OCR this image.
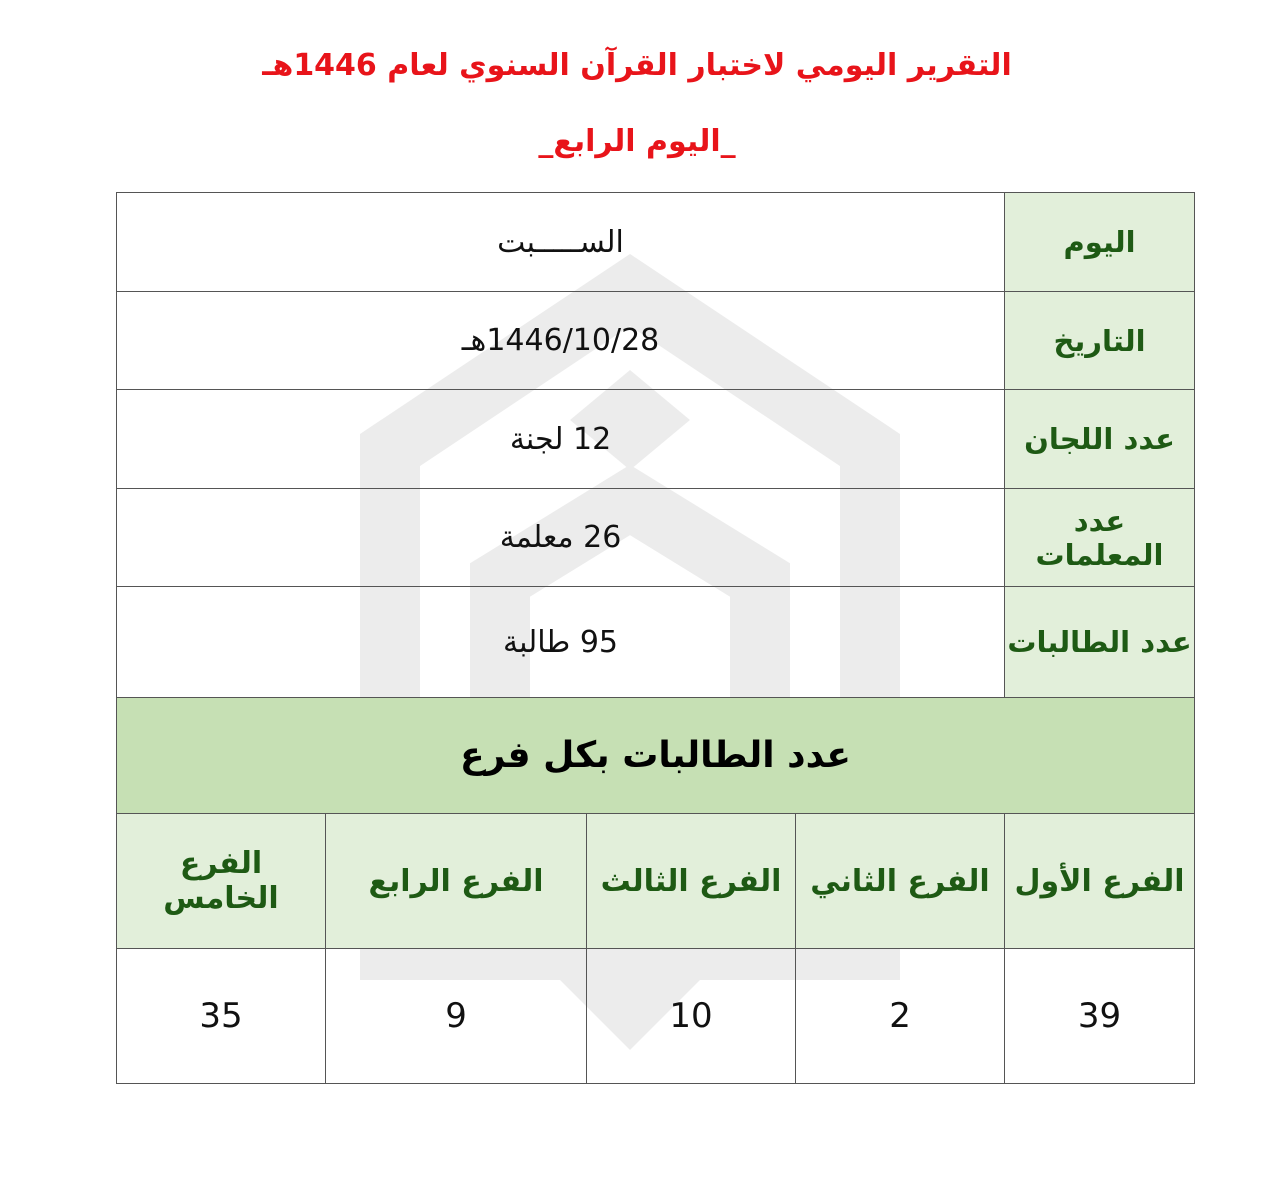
التقرير اليومي لاختبار القرآن السنوي لعام 1446هـ
_اليوم الرابع_
اليوم	الســـــبت			
التاريخ	1446/10/28هـ			
عدد اللجان	12 لجنة			
عدد المعلمات	26 معلمة			
عدد الطالبات	95 طالبة			
عدد الطالبات بكل فرع				
الفرع الأول	الفرع الثاني	الفرع الثالث	الفرع الرابع	الفرع الخامس
39	2	10	9	35
